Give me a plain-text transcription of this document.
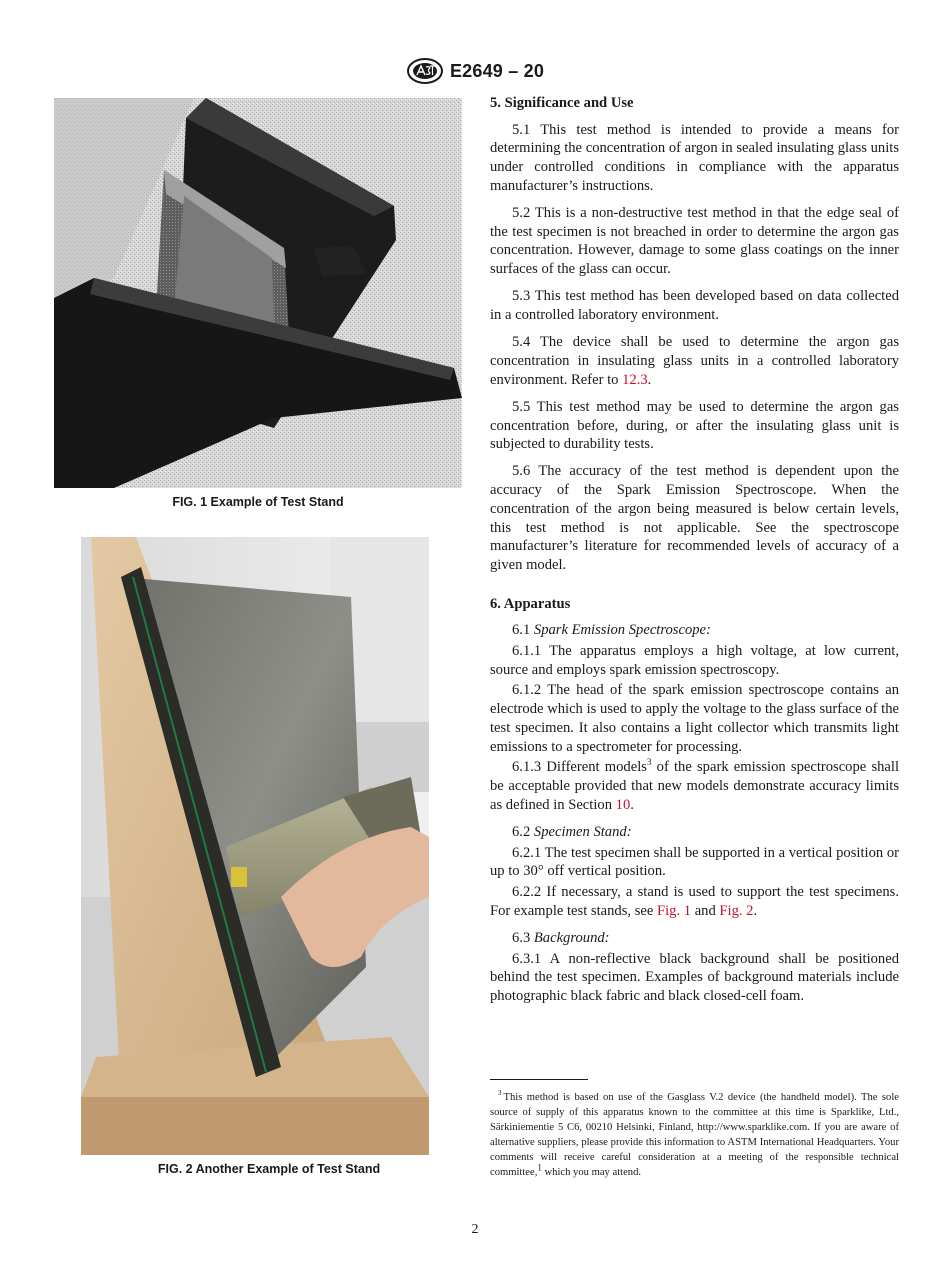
E2649 – 20
FIG. 1 Example of Test Stand
FIG. 2 Another Example of Test Stand
5. Significance and Use

5.1 This test method is intended to provide a means for determining the concentration of argon in sealed insulating glass units under controlled conditions in compliance with the apparatus manufacturer’s instructions.

5.2 This is a non-destructive test method in that the edge seal of the test specimen is not breached in order to determine the argon gas concentration. However, damage to some glass coatings on the inner surfaces of the glass can occur.

5.3 This test method has been developed based on data collected in a controlled laboratory environment.

5.4 The device shall be used to determine the argon gas concentration in insulating glass units in a controlled laboratory environment. Refer to 12.3.

5.5 This test method may be used to determine the argon gas concentration before, during, or after the insulating glass unit is subjected to durability tests.

5.6 The accuracy of the test method is dependent upon the accuracy of the Spark Emission Spectroscope. When the concentration of the argon being measured is below certain levels, this test method is not applicable. See the spectroscope manufacturer’s literature for recommended levels of accuracy of a given model.

6. Apparatus

6.1 Spark Emission Spectroscope:

6.1.1 The apparatus employs a high voltage, at low current, source and employs spark emission spectroscopy.

6.1.2 The head of the spark emission spectroscope contains an electrode which is used to apply the voltage to the glass surface of the test specimen. It also contains a light collector which transmits light emissions to a spectrometer for processing.

6.1.3 Different models$^3$ of the spark emission spectroscope shall be acceptable provided that new models demonstrate accuracy limits as defined in Section 10.

6.2 Specimen Stand:

6.2.1 The test specimen shall be supported in a vertical position or up to 30° off vertical position.

6.2.2 If necessary, a stand is used to support the test specimens. For example test stands, see Fig. 1 and Fig. 2.

6.3 Background:

6.3.1 A non-reflective black background shall be positioned behind the test specimen. Examples of background materials include photographic black fabric and black closed-cell foam.

$^3$ This method is based on use of the Gasglass V.2 device (the handheld model). The sole source of supply of this apparatus known to the committee at this time is Sparklike, Ltd., Särkiniementie 5 C6, 00210 Helsinki, Finland, http://www.sparklike.com. If you are aware of alternative suppliers, please provide this information to ASTM International Headquarters. Your comments will receive careful consideration at a meeting of the responsible technical committee,$^1$ which you may attend.
2
